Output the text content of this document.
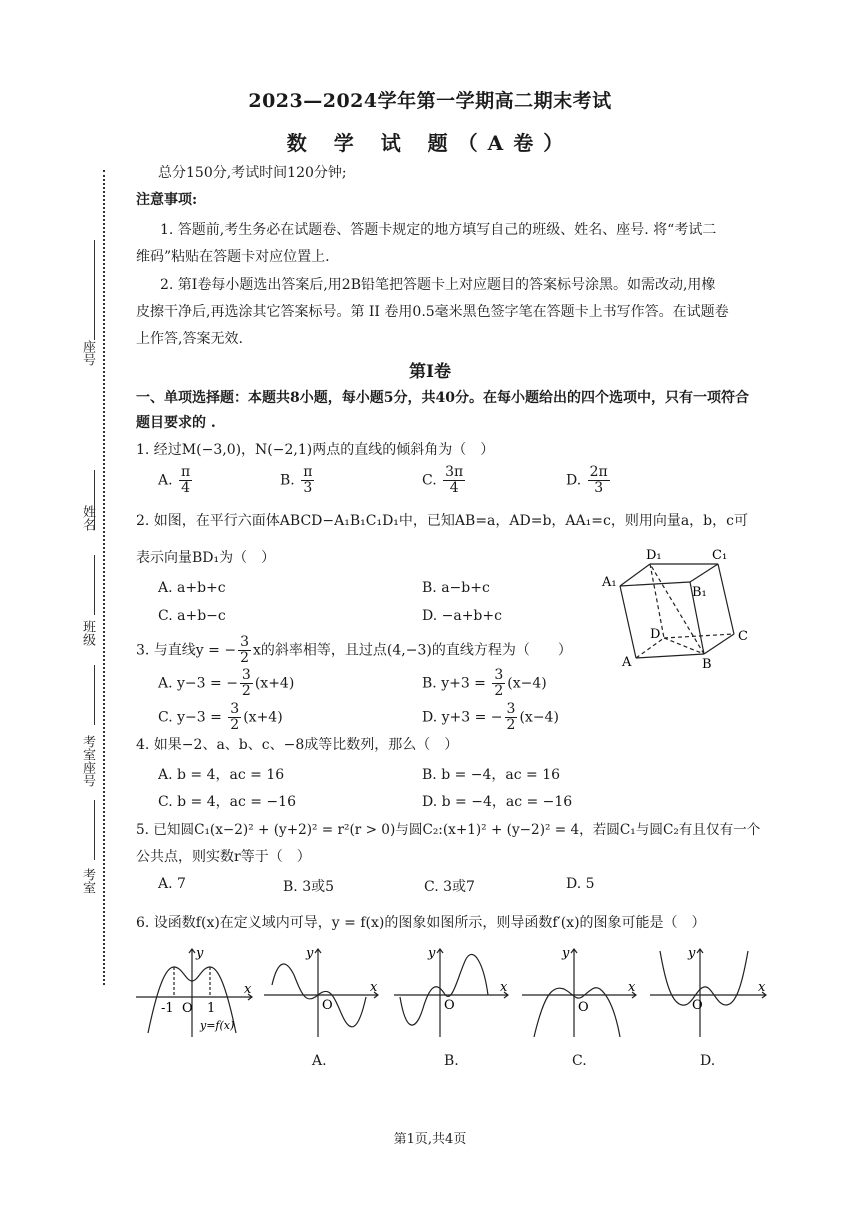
座号
姓名
班级
考室座号
考室
2023—2024学年第一学期高二期末考试
数 学 试 题（A卷）
总分150分,考试时间120分钟;
注意事项:
1. 答题前,考生务必在试题卷、答题卡规定的地方填写自己的班级、姓名、座号. 将“考试二
维码”粘贴在答题卡对应位置上.
2. 第Ⅰ卷每小题选出答案后,用2B铅笔把答题卡上对应题目的答案标号涂黑。如需改动,用橡
皮擦干净后,再选涂其它答案标号。第 II 卷用0.5毫米黑色签字笔在答题卡上书写作答。在试题卷
上作答,答案无效.
第Ⅰ卷
一、单项选择题：本题共8小题，每小题5分，共40分。在每小题给出的四个选项中，只有一项符合
题目要求的 .
1. 经过M(−3,0)，N(−2,1)两点的直线的倾斜角为（　）
A. $\frac{\pi}{4}$	B. $\frac{\pi}{3}$	C. $\frac{3\pi}{4}$	D. $\frac{2\pi}{3}$
2. 如图，在平行六面体ABCD−A₁B₁C₁D₁中，已知AB=a，AD=b，AA₁=c，则用向量a，b，c可
表示向量BD₁为（　）
A. a+b+c	B. a−b+c
C. a+b−c	D. −a+b+c
D₁	C₁
A₁
B₁
D	C
A	B
3. 与直线y = − $\frac{3}{2}$ x的斜率相等，且过点(4,−3)的直线方程为（　　）
A. y−3 = − $\frac{3}{2} (x+4)$	B. $y+3 = \frac{3}{2} (x-4)$
C. $y-3 = \frac{3}{2} (x+4)$	D. y+3 = − $\frac{3}{2} (x-4)$
4. 如果−2、a、b、c、−8成等比数列，那么（　）
A. b = 4，ac = 16	B. b = −4，ac = 16
C. b = 4，ac = −16	D. b = −4，ac = −16
5. 已知圆C₁(x−2)² + (y+2)² = r²(r > 0)与圆C₂:(x+1)² + (y−2)² = 4，若圆C₁与圆C₂有且仅有一个
公共点，则实数r等于（　）
A. 7	B. 3或5	C. 3或7	D. 5
6. 设函数f(x)在定义域内可导，y = f(x)的图象如图所示，则导函数f′(x)的图象可能是（　）
-1 O 1
x
y
y=f(x)
O
x
y
O
x
y
O
x
y
O
x
y
A.	B.	C.	D.
第1页,共4页
